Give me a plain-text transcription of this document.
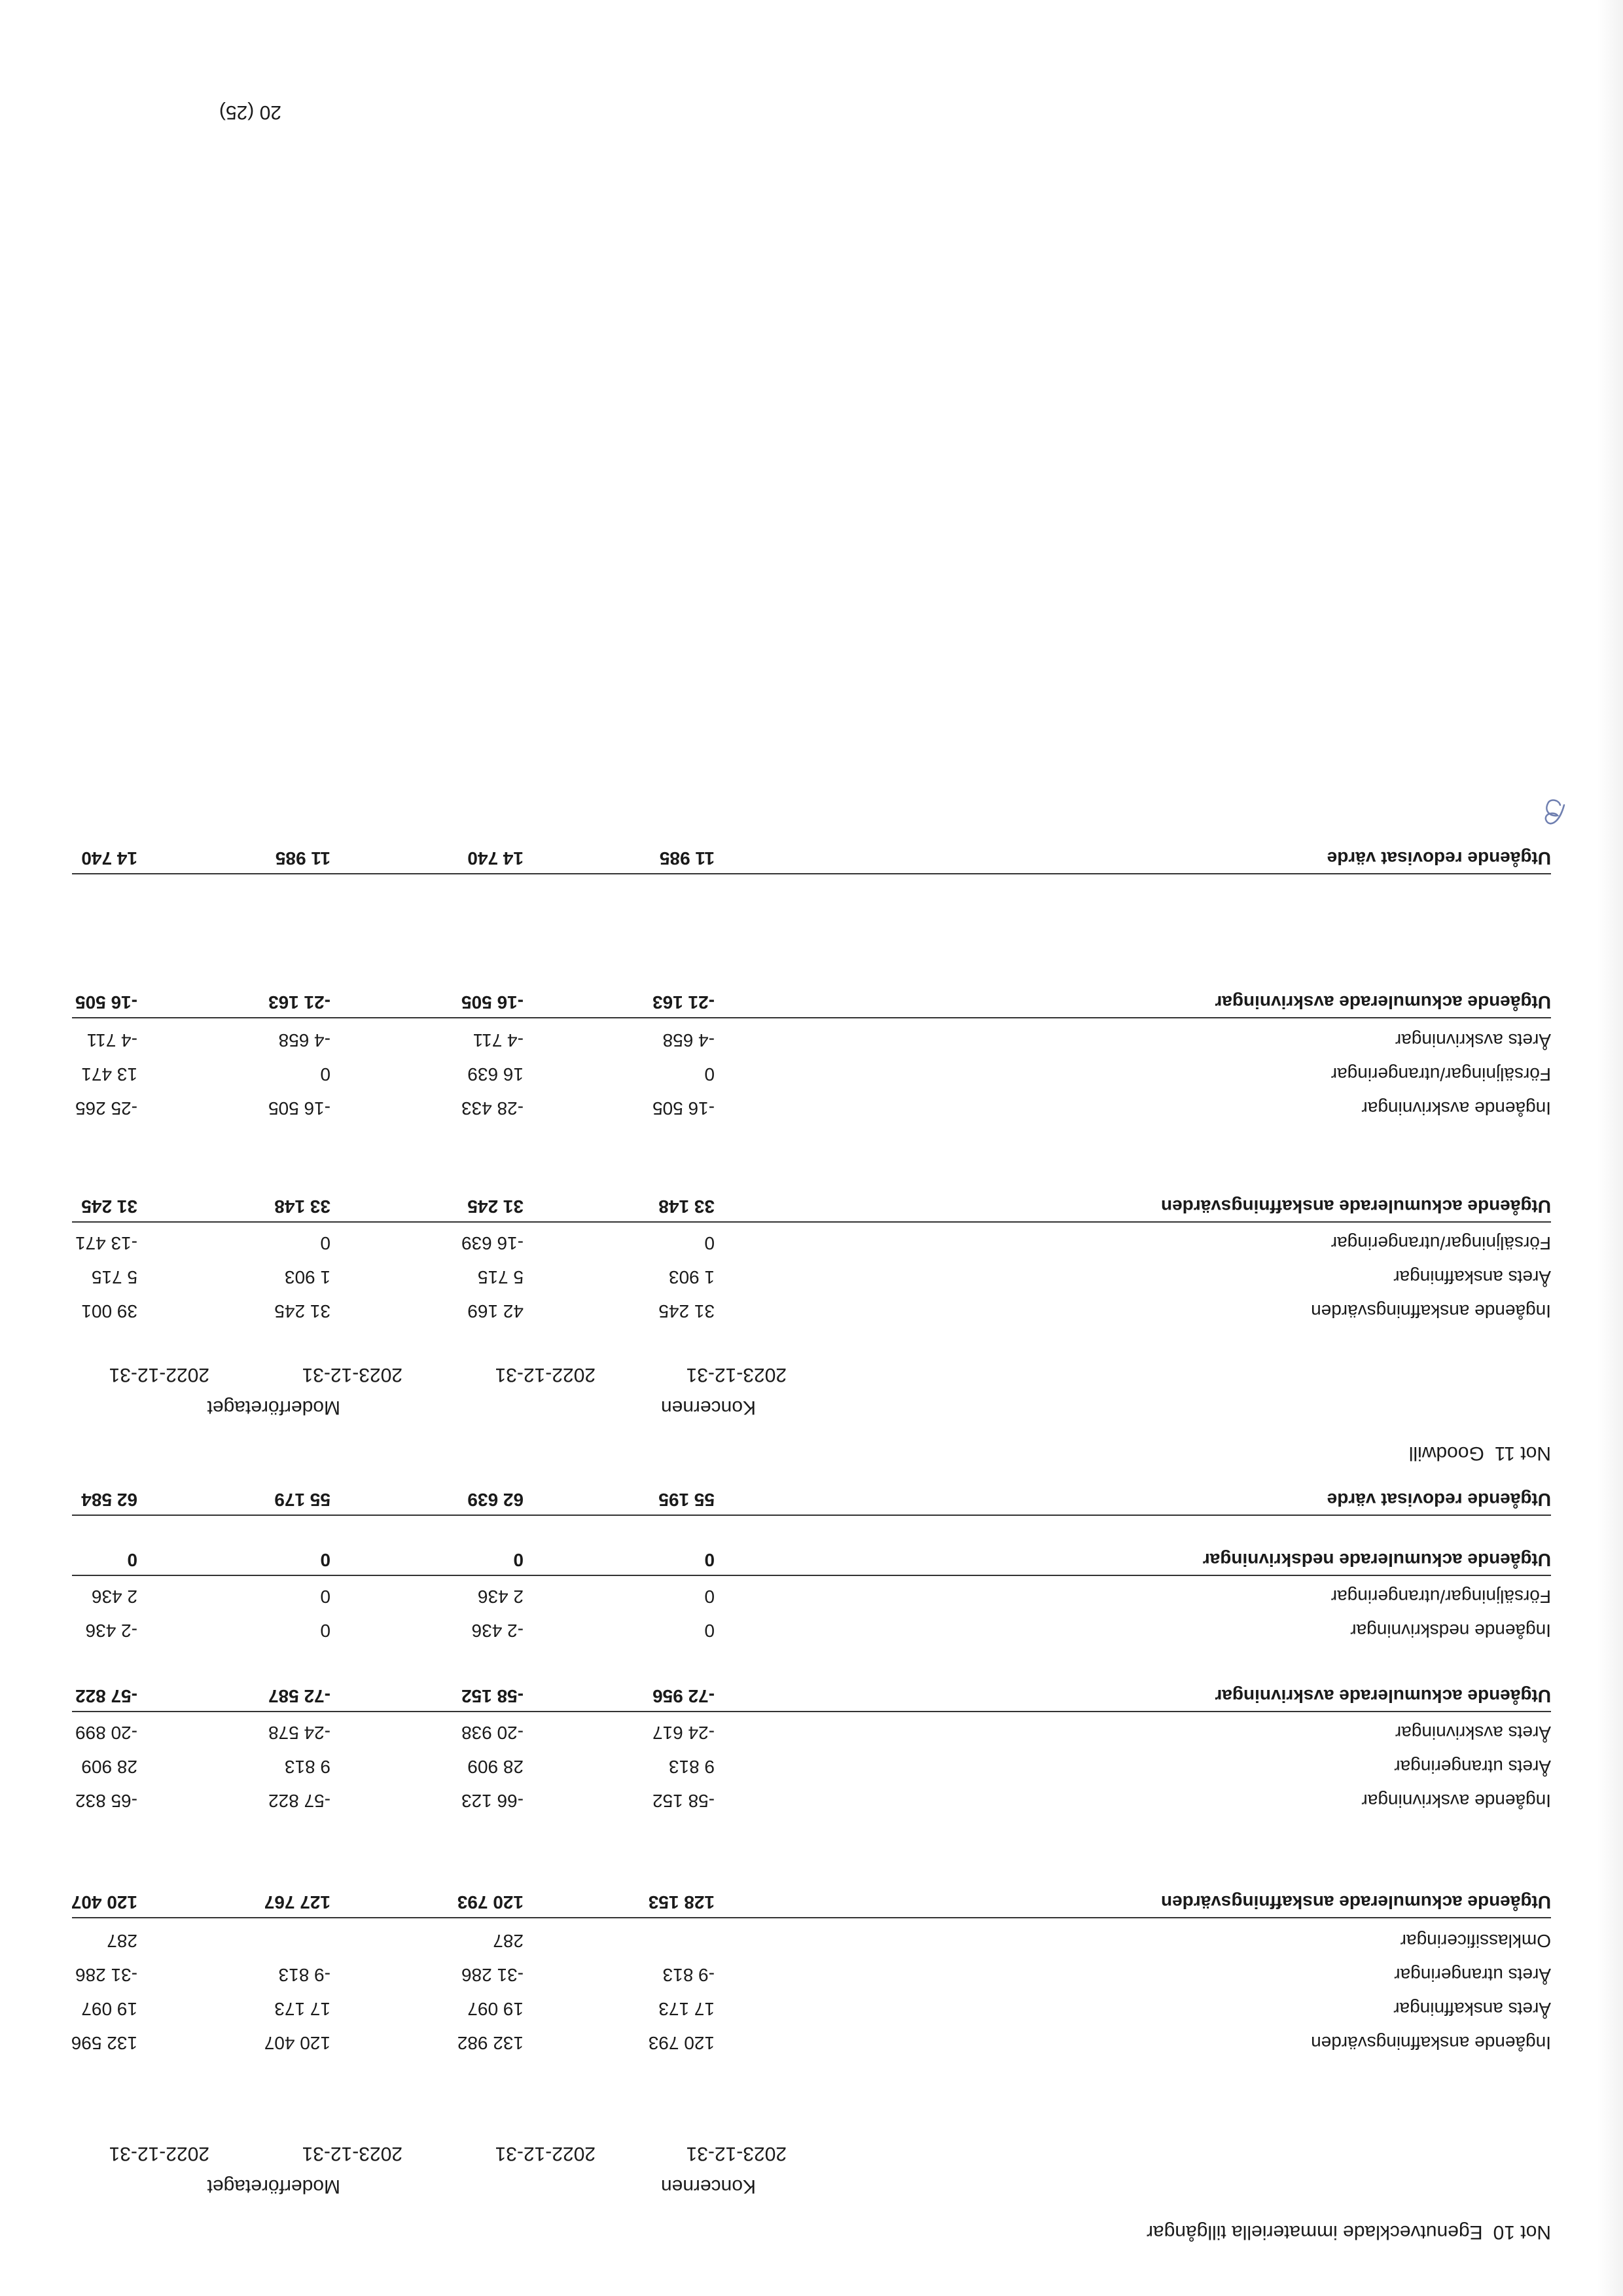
Not 10Egenutvecklade immateriella tillgångar
Koncernen
Moderföretaget
2023-12-31
2022-12-31
2023-12-31
2022-12-31
Ingående anskaffningsvärden
120 793
132 982
120 407
132 596
Årets anskaffningar
17 173
19 097
17 173
19 097
Årets utrangeringar
-9 813
-31 286
-9 813
-31 286
Omklassificeringar
287
287
Utgående ackumulerade anskaffningsvärden
128 153
120 793
127 767
120 407
Ingående avskrivningar
-58 152
-66 123
-57 822
-65 832
Årets utrangeringar
9 813
28 909
9 813
28 909
Årets avskrivningar
-24 617
-20 938
-24 578
-20 899
Utgående ackumulerade avskrivningar
-72 956
-58 152
-72 587
-57 822
Ingående nedskrivningar
0
-2 436
0
-2 436
Försäljningar/utrangeringar
0
2 436
0
2 436
Utgående ackumulerade nedskrivningar
0
0
0
0
Utgående redovisat värde
55 195
62 639
55 179
62 584
Not 11Goodwill
Koncernen
Moderföretaget
2023-12-31
2022-12-31
2023-12-31
2022-12-31
Ingående anskaffningsvärden
31 245
42 169
31 245
39 001
Årets anskaffningar
1 903
5 715
1 903
5 715
Försäljningar/utrangeringar
0
-16 639
0
-13 471
Utgående ackumulerade anskaffningsvärden
33 148
31 245
33 148
31 245
Ingående avskrivningar
-16 505
-28 433
-16 505
-25 265
Försäljningar/utrangeringar
0
16 639
0
13 471
Årets avskrivningar
-4 658
-4 711
-4 658
-4 711
Utgående ackumulerade avskrivningar
-21 163
-16 505
-21 163
-16 505
Utgående redovisat värde
11 985
14 740
11 985
14 740
20 (25)
